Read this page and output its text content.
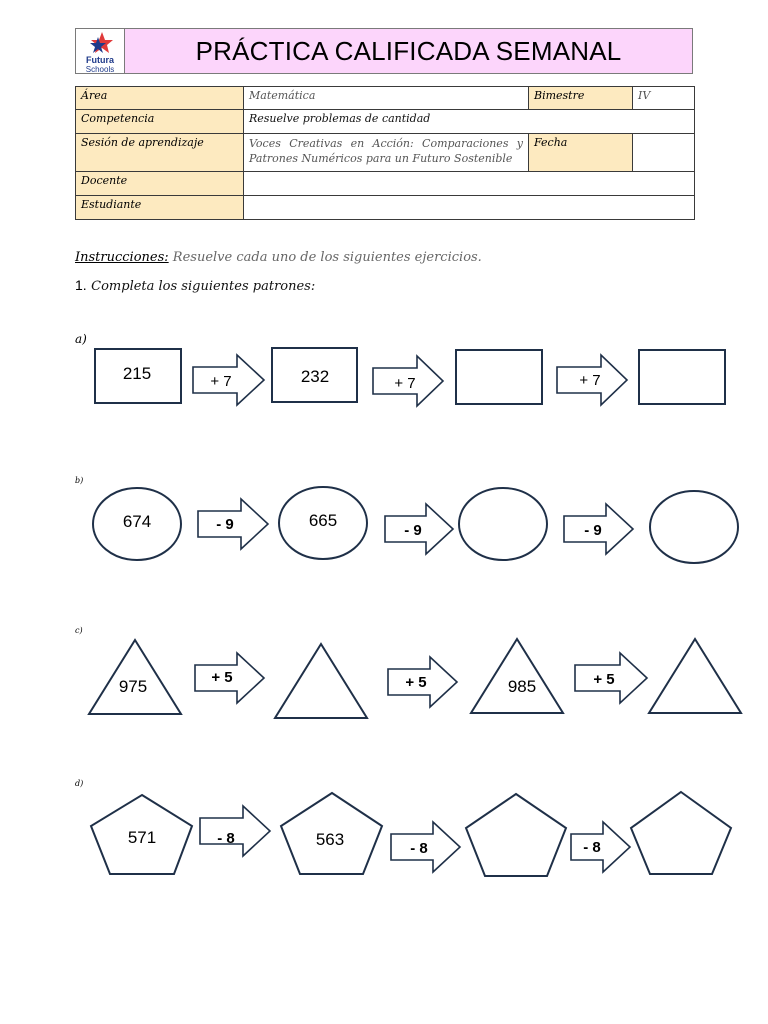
Futura
Schools
PRÁCTICA CALIFICADA SEMANAL
Área	Matemática	Bimestre	IV
Competencia	Resuelve problemas de cantidad		
Sesión de aprendizaje	Voces Creativas en Acción: Comparaciones y Patrones Numéricos para un Futuro Sostenible	Fecha	
Docente			
Estudiante			
Instrucciones: Resuelve cada uno de los siguientes ejercicios.
1. Completa los siguientes patrones:
a)
215	+ 7	232	+ 7	+ 7
b)
674	- 9	665
- 9	- 9
c)
975	+ 5	+ 5	985	+ 5
d)
571	- 8	563	- 8	- 8
